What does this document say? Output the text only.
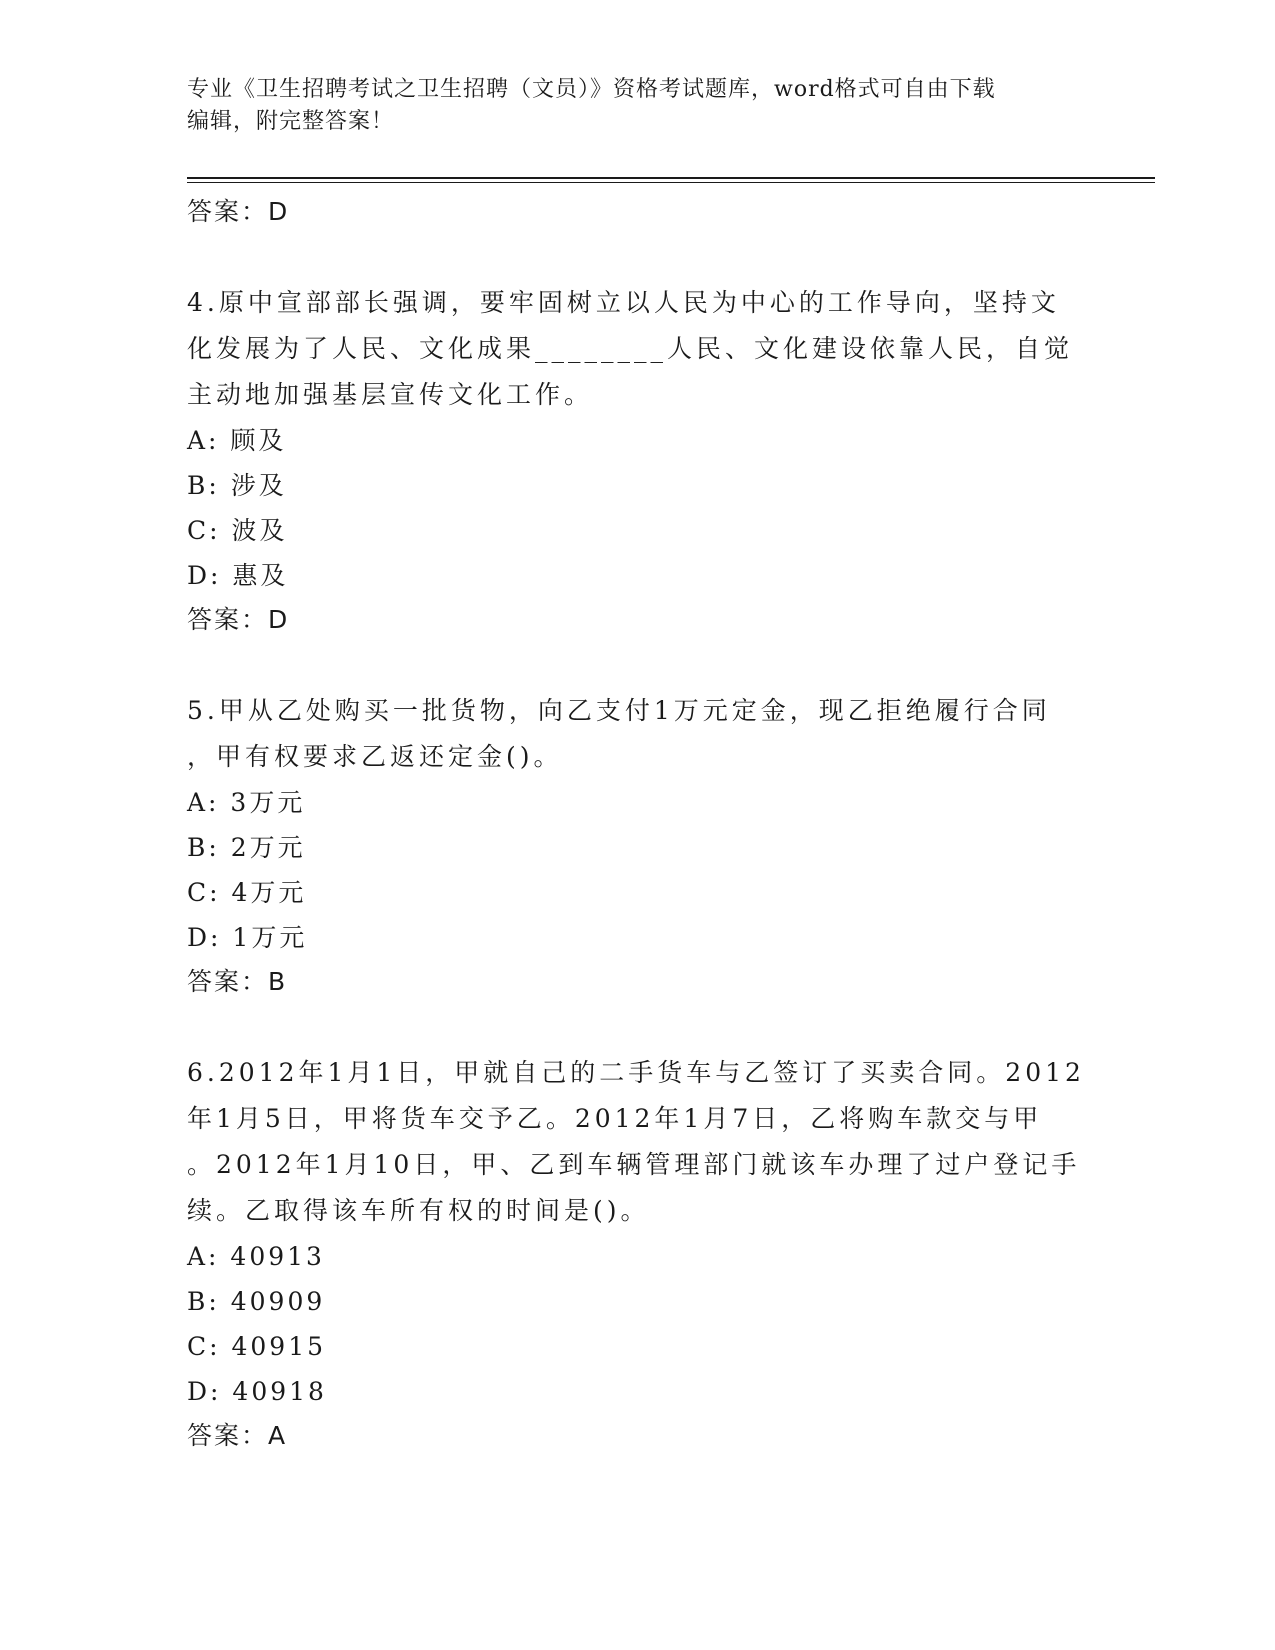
专业《卫生招聘考试之卫生招聘（文员）》资格考试题库，word格式可自由下载
编辑，附完整答案！
答案：D
4.原中宣部部长强调，要牢固树立以人民为中心的工作导向，坚持文
化发展为了人民、文化成果________人民、文化建设依靠人民，自觉
主动地加强基层宣传文化工作。
A: 顾及
B: 涉及
C: 波及
D: 惠及
答案：D
5.甲从乙处购买一批货物，向乙支付1万元定金，现乙拒绝履行合同
，甲有权要求乙返还定金()。
A: 3万元
B: 2万元
C: 4万元
D: 1万元
答案：B
6.2012年1月1日，甲就自己的二手货车与乙签订了买卖合同。2012
年1月5日，甲将货车交予乙。2012年1月7日，乙将购车款交与甲
。2012年1月10日，甲、乙到车辆管理部门就该车办理了过户登记手
续。乙取得该车所有权的时间是()。
A: 40913
B: 40909
C: 40915
D: 40918
答案：A
